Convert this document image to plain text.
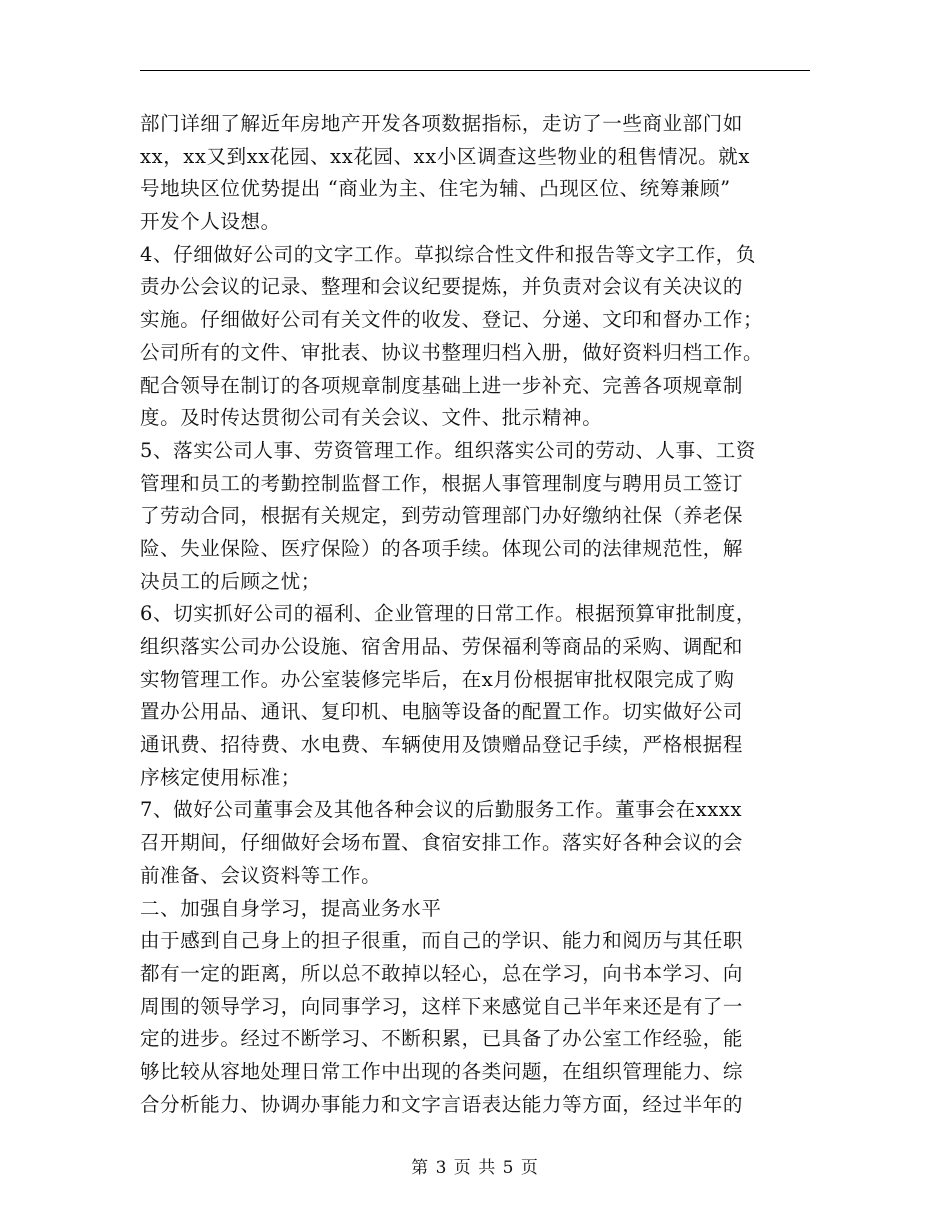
部门详细了解近年房地产开发各项数据指标，走访了一些商业部门如
xx，xx又到xx花园、xx花园、xx小区调查这些物业的租售情况。就x
号地块区位优势提出 “商业为主、住宅为辅、凸现区位、统筹兼顾”
开发个人设想。
4、仔细做好公司的文字工作。草拟综合性文件和报告等文字工作，负
责办公会议的记录、整理和会议纪要提炼，并负责对会议有关决议的
实施。仔细做好公司有关文件的收发、登记、分递、文印和督办工作；
公司所有的文件、审批表、协议书整理归档入册，做好资料归档工作。
配合领导在制订的各项规章制度基础上进一步补充、完善各项规章制
度。及时传达贯彻公司有关会议、文件、批示精神。
5、落实公司人事、劳资管理工作。组织落实公司的劳动、人事、工资
管理和员工的考勤控制监督工作，根据人事管理制度与聘用员工签订
了劳动合同，根据有关规定，到劳动管理部门办好缴纳社保（养老保
险、失业保险、医疗保险）的各项手续。体现公司的法律规范性，解
决员工的后顾之忧；
6、切实抓好公司的福利、企业管理的日常工作。根据预算审批制度，
组织落实公司办公设施、宿舍用品、劳保福利等商品的采购、调配和
实物管理工作。办公室装修完毕后，在x月份根据审批权限完成了购
置办公用品、通讯、复印机、电脑等设备的配置工作。切实做好公司
通讯费、招待费、水电费、车辆使用及馈赠品登记手续，严格根据程
序核定使用标准；
7、做好公司董事会及其他各种会议的后勤服务工作。董事会在xxxx
召开期间，仔细做好会场布置、食宿安排工作。落实好各种会议的会
前准备、会议资料等工作。
二、加强自身学习，提高业务水平
由于感到自己身上的担子很重，而自己的学识、能力和阅历与其任职
都有一定的距离，所以总不敢掉以轻心，总在学习，向书本学习、向
周围的领导学习，向同事学习，这样下来感觉自己半年来还是有了一
定的进步。经过不断学习、不断积累，已具备了办公室工作经验，能
够比较从容地处理日常工作中出现的各类问题，在组织管理能力、综
合分析能力、协调办事能力和文字言语表达能力等方面，经过半年的
第 3 页 共 5 页
